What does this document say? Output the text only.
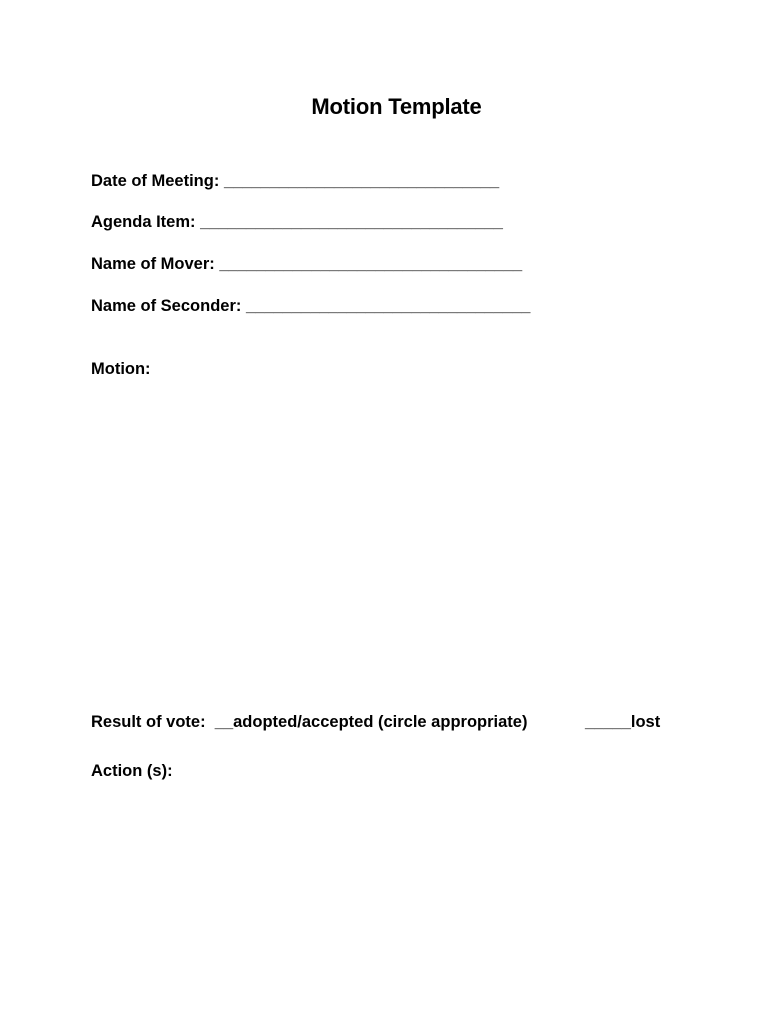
Motion Template
Date of Meeting: ______________________________
Agenda Item: _________________________________
Name of Mover: _________________________________
Name of Seconder: _______________________________
Motion:
Result of vote: __adopted/accepted (circle appropriate)	_____lost
Action (s):
